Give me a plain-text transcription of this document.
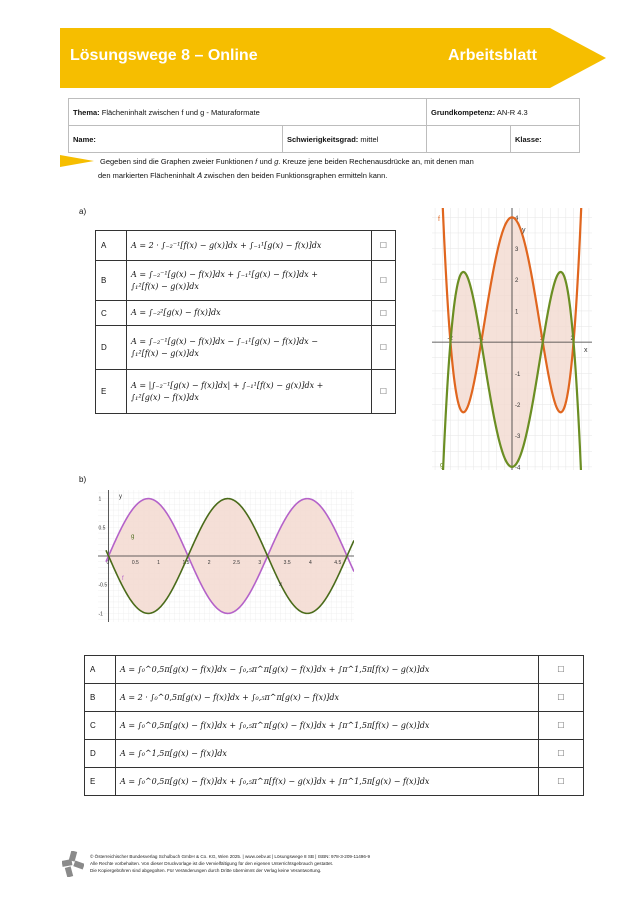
Lösungswege 8 – Online	Arbeitsblatt
Thema: Flächeninhalt zwischen f und g - Maturaformate		Grundkompetenz: AN-R 4.3	
Name:	Schwierigkeitsgrad: mittel		Klasse:
Gegeben sind die Graphen zweier Funktionen 𝑓 und 𝑔. Kreuze jene beiden Rechenausdrücke an, mit denen man
den markierten Flächeninhalt 𝐴 zwischen den beiden Funktionsgraphen ermitteln kann.
a)
A	A = 2 · ∫₋₂⁻¹[f(x) − g(x)]dx + ∫₋₁¹[g(x) − f(x)]dx	☐
B	A = ∫₋₂⁻¹[g(x) − f(x)]dx + ∫₋₁¹[g(x) − f(x)]dx +
∫₁²[f(x) − g(x)]dx	☐
C	A = ∫₋₂²[g(x) − f(x)]dx	☐
D	A = ∫₋₂⁻¹[g(x) − f(x)]dx − ∫₋₁¹[g(x) − f(x)]dx −
∫₁²[f(x) − g(x)]dx	☐
E	A = |∫₋₂⁻¹[g(x) − f(x)]dx| + ∫₋₁¹[f(x) − g(x)]dx +
∫₁²[g(x) − f(x)]dx	☐
4
3
2
1
-1
-2
-3
-4
-2	-1	1	2
f
g
x
y
b)
1
0.5
-0.5
-1
0	0.5	1	1.5	2	2.5	3	3.5	4	4.5
f
g
x
y
A	A = ∫₀^0,5π[g(x) − f(x)]dx − ∫₀,₅π^π[g(x) − f(x)]dx + ∫π^1,5π[f(x) − g(x)]dx	☐
B	A = 2 · ∫₀^0,5π[g(x) − f(x)]dx + ∫₀,₅π^π[g(x) − f(x)]dx	☐
C	A = ∫₀^0,5π[g(x) − f(x)]dx + ∫₀,₅π^π[g(x) − f(x)]dx + ∫π^1,5π[f(x) − g(x)]dx	☐
D	A = ∫₀^1,5π[g(x) − f(x)]dx	☐
E	A = ∫₀^0,5π[g(x) − f(x)]dx + ∫₀,₅π^π[f(x) − g(x)]dx + ∫π^1,5π[g(x) − f(x)]dx	☐
© Österreichischer Bundesverlag Schulbuch GmbH & Co. KG, Wien 2025. | www.oebv.at | Lösungswege 8 SB | ISBN: 978-3-209-11496-9
Alle Rechte vorbehalten. Von dieser Druckvorlage ist die Vervielfältigung für den eigenen Unterrichtsgebrauch gestattet.
Die Kopiergebühren sind abgegolten. Für Veränderungen durch Dritte übernimmt der Verlag keine Verantwortung.
